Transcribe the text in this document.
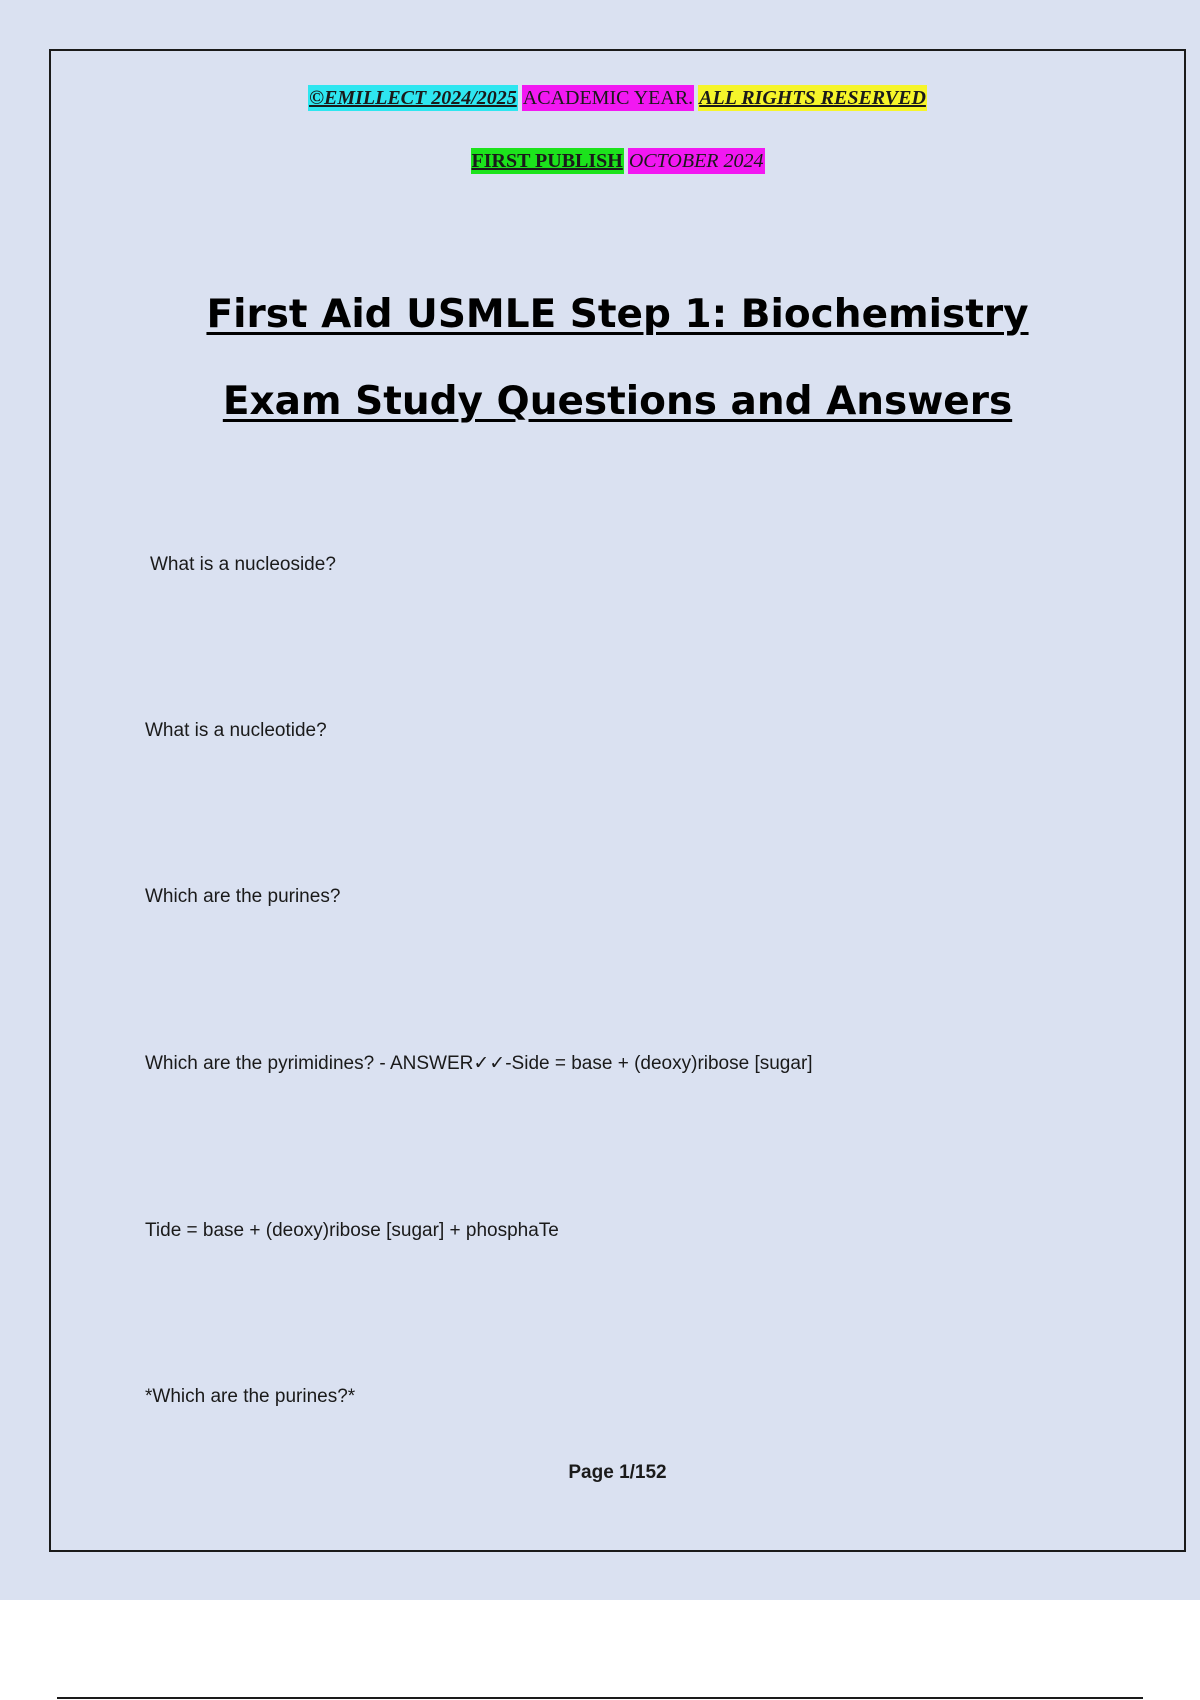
©EMILLECT 2024/2025 ACADEMIC YEAR. ALL RIGHTS RESERVED
FIRST PUBLISH OCTOBER 2024
First Aid USMLE Step 1: Biochemistry
Exam Study Questions and Answers
What is a nucleoside?
What is a nucleotide?
Which are the purines?
Which are the pyrimidines? - ANSWER✓✓-Side = base + (deoxy)ribose [sugar]
Tide = base + (deoxy)ribose [sugar] + phosphaTe
*Which are the purines?*
Page 1/152
